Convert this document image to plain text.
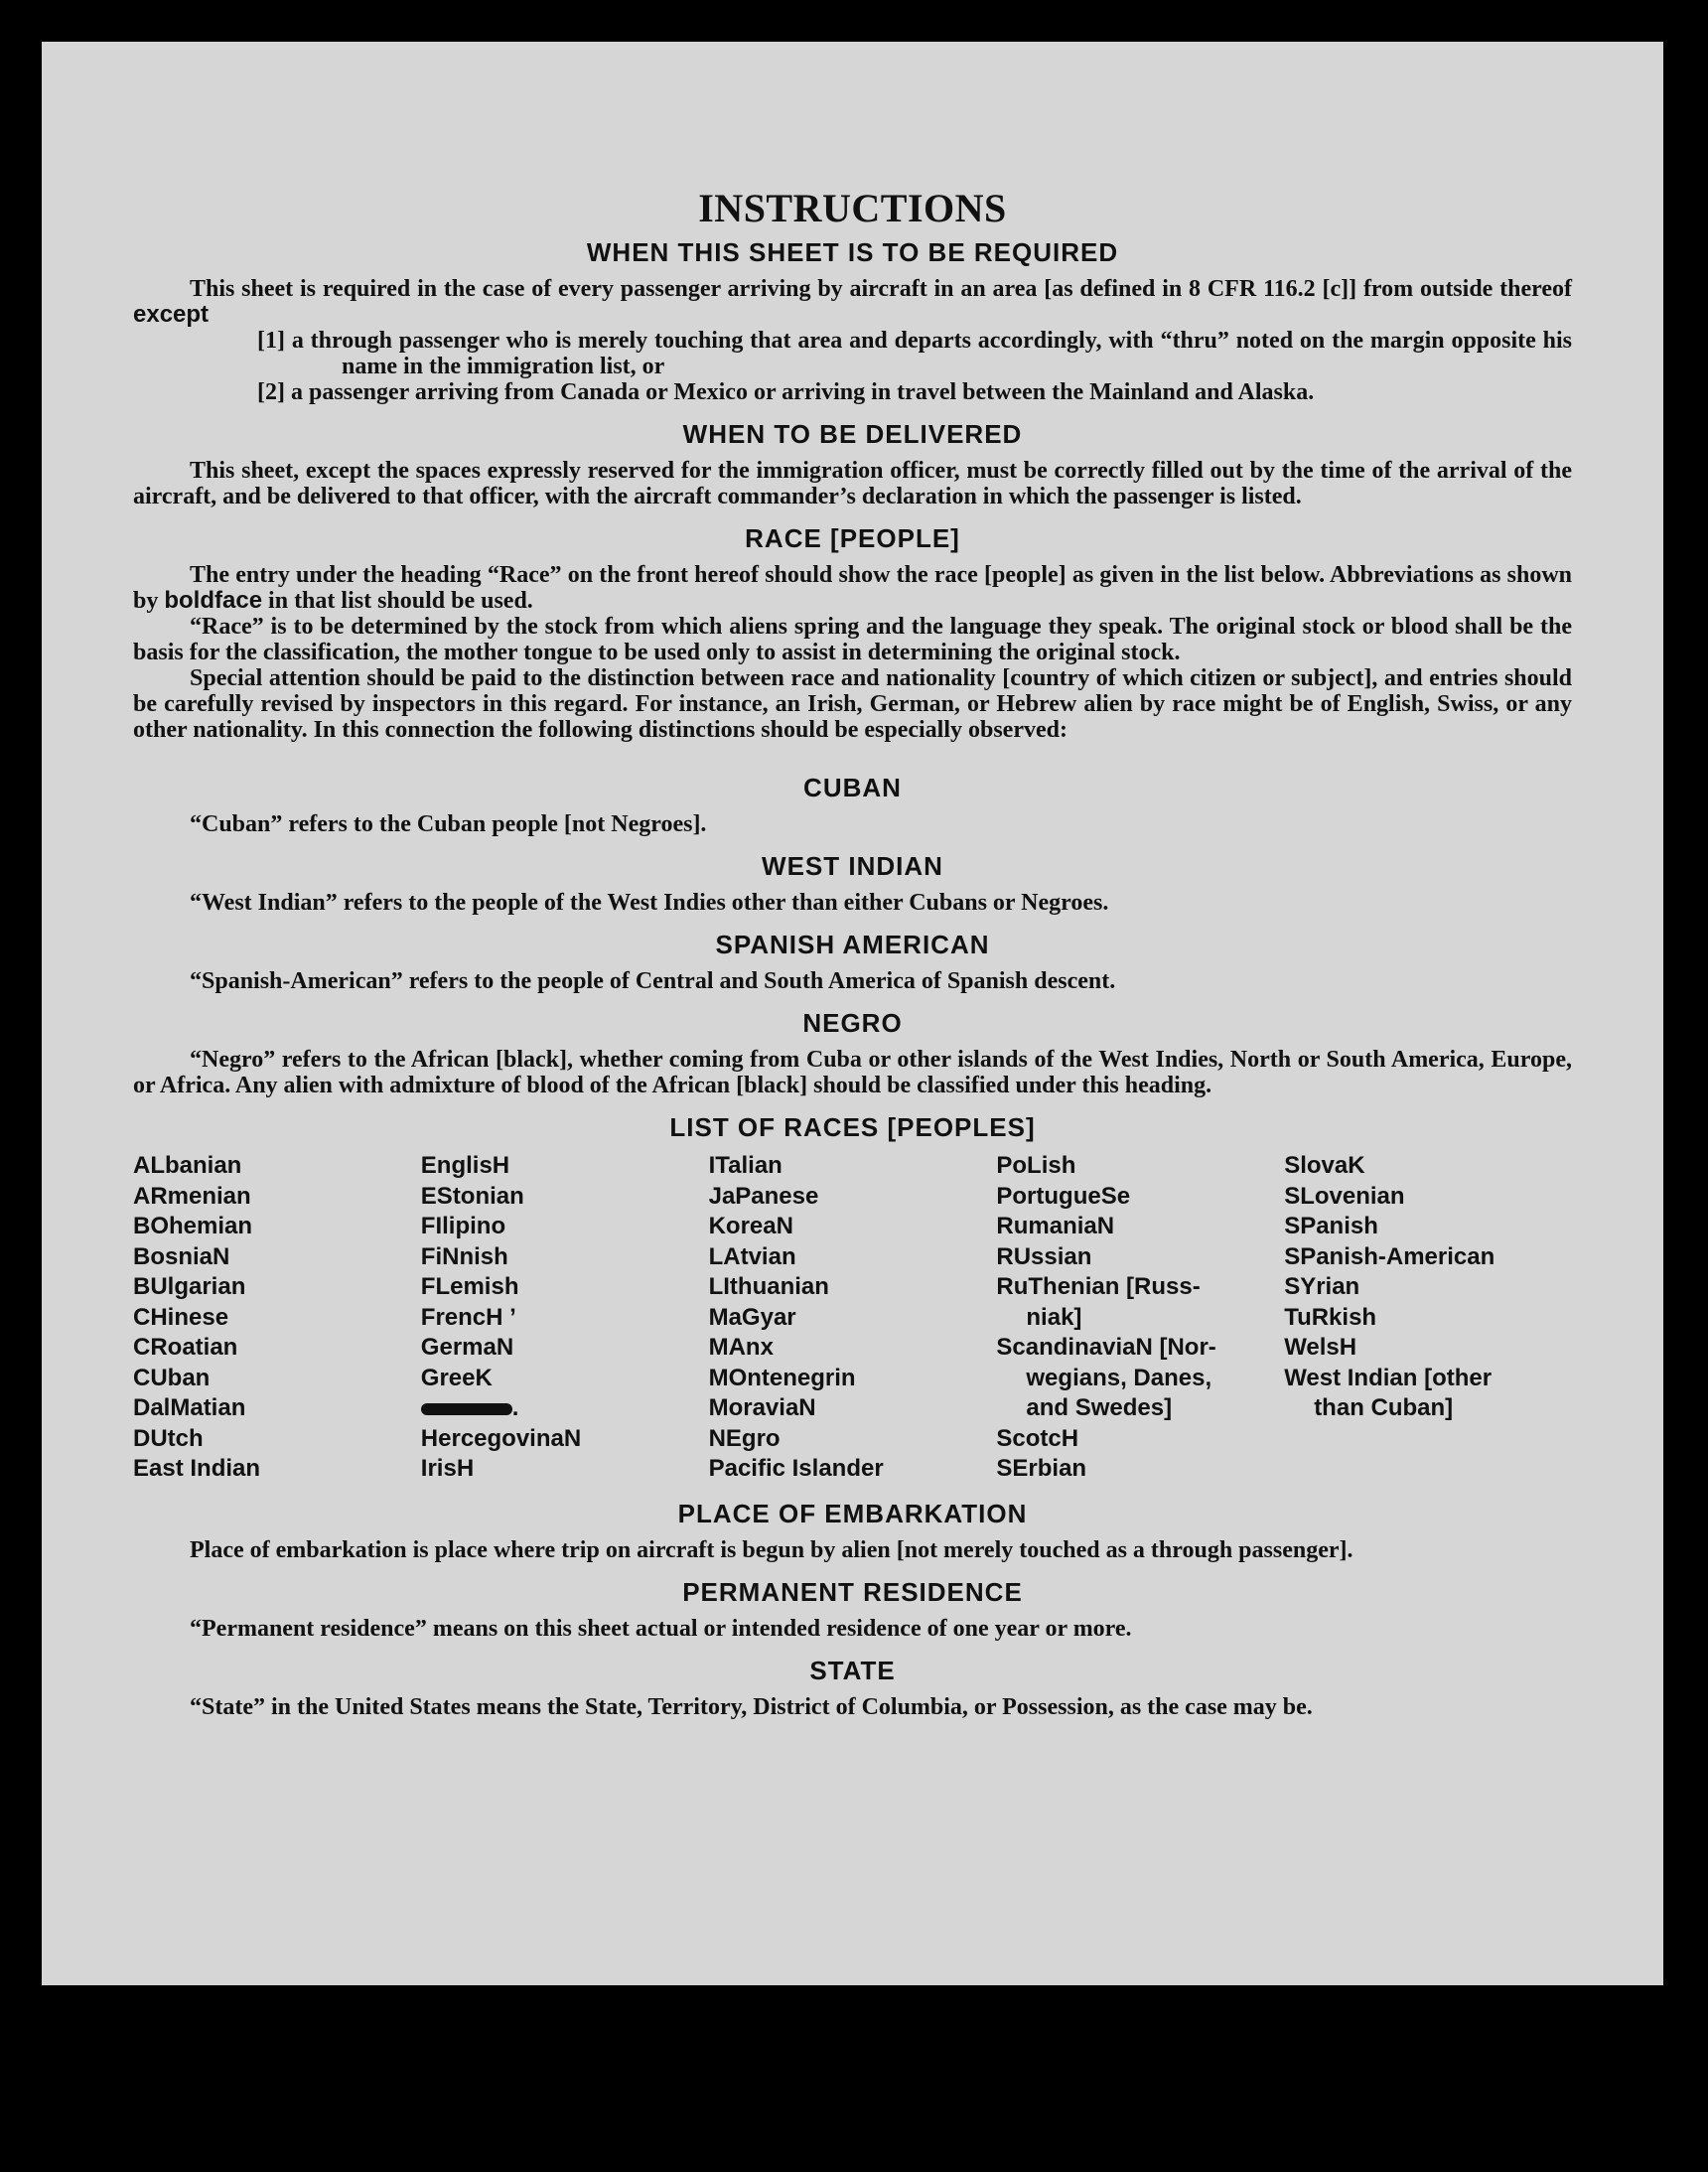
INSTRUCTIONS
WHEN THIS SHEET IS TO BE REQUIRED

This sheet is required in the case of every passenger arriving by aircraft in an area [as defined in 8 CFR 116.2 [c]] from outside thereof except

[1] a through passenger who is merely touching that area and departs accordingly, with “thru” noted on the margin opposite his name in the immigration list, or

[2] a passenger arriving from Canada or Mexico or arriving in travel between the Mainland and Alaska.

WHEN TO BE DELIVERED

This sheet, except the spaces expressly reserved for the immigration officer, must be correctly filled out by the time of the arrival of the aircraft, and be delivered to that officer, with the aircraft commander’s declaration in which the passenger is listed.

RACE [PEOPLE]

The entry under the heading “Race” on the front hereof should show the race [people] as given in the list below. Abbreviations as shown by boldface in that list should be used.

“Race” is to be determined by the stock from which aliens spring and the language they speak. The original stock or blood shall be the basis for the classification, the mother tongue to be used only to assist in determining the original stock.

Special attention should be paid to the distinction between race and nationality [country of which citizen or subject], and entries should be carefully revised by inspectors in this regard. For instance, an Irish, German, or Hebrew alien by race might be of English, Swiss, or any other nationality. In this connection the following distinctions should be especially observed:

CUBAN

“Cuban” refers to the Cuban people [not Negroes].

WEST INDIAN

“West Indian” refers to the people of the West Indies other than either Cubans or Negroes.

SPANISH AMERICAN

“Spanish-American” refers to the people of Central and South America of Spanish descent.

NEGRO

“Negro” refers to the African [black], whether coming from Cuba or other islands of the West Indies, North or South America, Europe, or Africa. Any alien with admixture of blood of the African [black] should be classified under this heading.

LIST OF RACES [PEOPLES]
ALbanian
ARmenian
BOhemian
BosniaN
BUlgarian
CHinese
CRoatian
CUban
DalMatian
DUtch
East Indian
EnglisH
EStonian
FIlipino
FiNnish
FLemish
FrencH ’
GermaN
GreeK
.
HercegovinaN
IrisH
ITalian
JaPanese
KoreaN
LAtvian
LIthuanian
MaGyar
MAnx
MOntenegrin
MoraviaN
NEgro
Pacific Islander
PoLish
PortugueSe
RumaniaN
RUssian
RuThenian [Russ-
niak]
ScandinaviaN [Nor-
wegians, Danes,
and Swedes]
ScotcH
SErbian
SlovaK
SLovenian
SPanish
SPanish-American
SYrian
TuRkish
WelsH
West Indian [other
than Cuban]
PLACE OF EMBARKATION

Place of embarkation is place where trip on aircraft is begun by alien [not merely touched as a through passenger].

PERMANENT RESIDENCE

“Permanent residence” means on this sheet actual or intended residence of one year or more.

STATE

“State” in the United States means the State, Territory, District of Columbia, or Possession, as the case may be.
